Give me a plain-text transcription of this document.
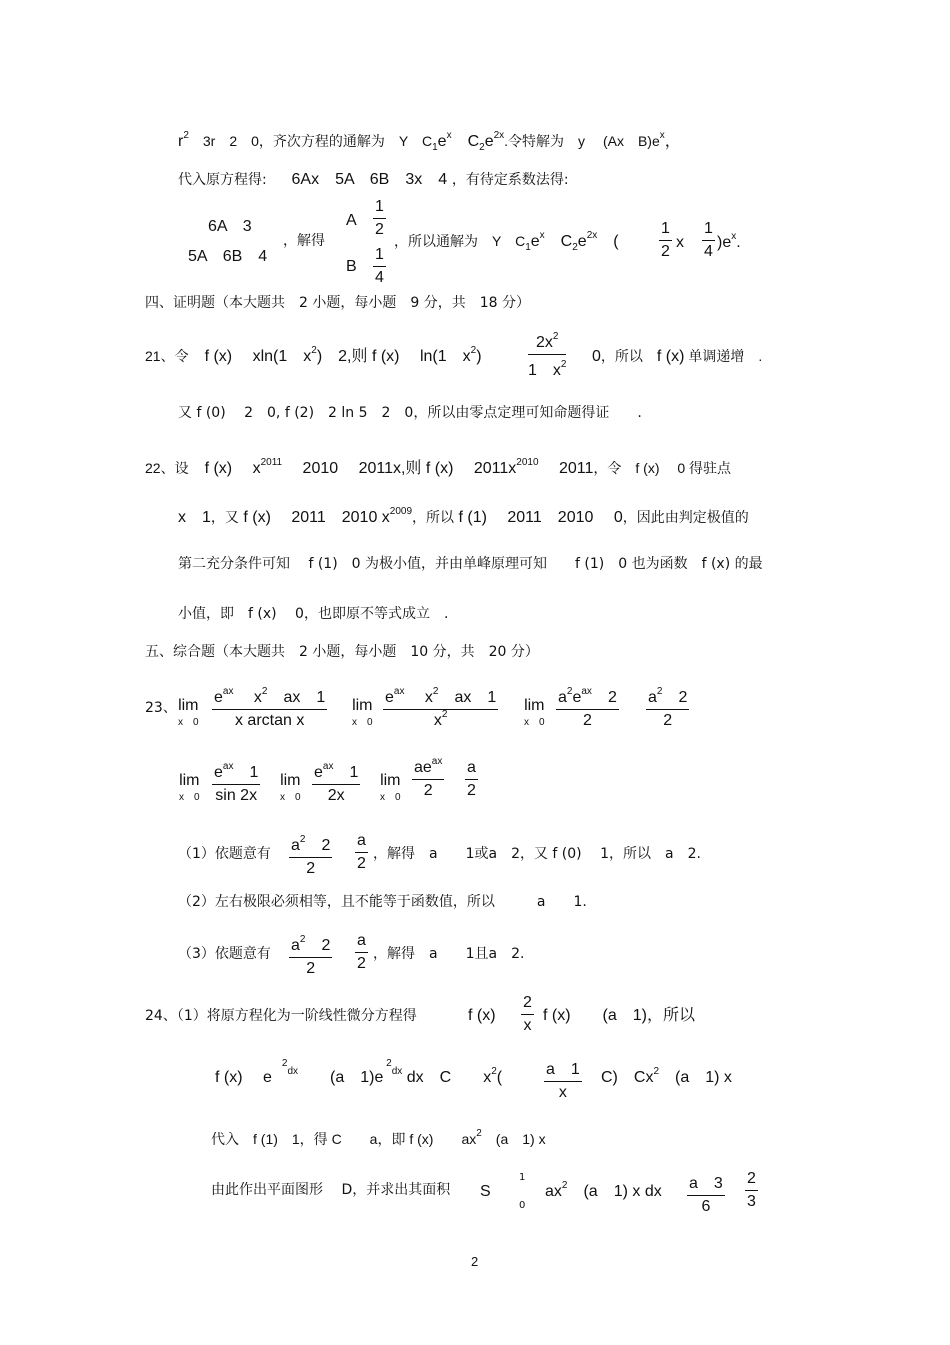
$r^2$　3r　2　0，齐次方程的通解为　Y　$C_1e^x$　$C_2e^{2x}$.令特解为　y　 (Ax　$B)e^x$，
代入原方程得: 6Ax　5A　6B　3x　4 ，有待定系数法得:
6A　3
5A　6B　4
，解得
A
B
1
2
1
4
，所以通解为　Y　$C_1e^x$　$C_2e^{2x}$　(
1
2
x
1
4
)$e^x$.
四、证明题（本大题共　2 小题，每小题　9 分，共　18 分）
21、令　f (x)　 xln(1　$x^2$)　2,则 f (x)　 ln(1　$x^2$)
$2x^2$
1　$x^2$ 0，所以　f (x) 单调递增　.
又 f (0)　 2　0, f (2)　2 ln 5　2　0，所以由零点定理可知命题得证　　.
22、设　f (x)　 $x^{2011}$　 2010　 2011x,则 f (x)　 $2011x^{2010}$　 2011，令　f (x)　 0 得驻点
x　1，又 f (x)　 2011　2010 $x^{2009}$，所以 f (1)　 2011　2010　 0，因此由判定极值的
第二充分条件可知　 f (1)　0 为极小值，并由单峰原理可知　　f (1)　0 也为函数　f (x) 的最
小值，即　f (x)　 0，也即原不等式成立　.
五、综合题（本大题共　2 小题，每小题　10 分，共　20 分）
23、 lim
x　0
$e^{ax}$　 $x^2$　ax　1
x arctan x
lim
x　0
$e^{ax}$　 $x^2$　ax　1
$x^2$
lim
x　0
$a^2e^{ax}$　2
2
$a^2$　2
2
lim
x　0
$e^{ax}$　1
sin 2x
lim
x　0
$e^{ax}$　1
2x
lim
x　0
$ae^{ax}$
2
a
2
（1）依题意有 $a^2$　2
2
a
2
，解得　a　　1或a　2，又 f (0)　 1，所以　a　2.
（2）左右极限必须相等，且不能等于函数值，所以　　　a　　1.
（3）依题意有 $a^2$　2
2
a
2
，解得　a　　1且a　2.
24、（1）将原方程化为一阶线性微分方程得	f (x)
2
x
f (x)　　(a　1)，所以
f (x)　 e　$^{^2dx}$　　(a　1)e $^{^2dx}$ dx　C　　$x^2$(	a　1
x
　C)　Cx$^2$　(a　1) x
代入　f (1)　1，得 C　　a，即 f (x)　　$ax^2$　(a　1) x
由此作出平面图形　 D，并求出其面积 S
1
0
$ax^2$　(a　1) x dx a　3
6
2
3
2
